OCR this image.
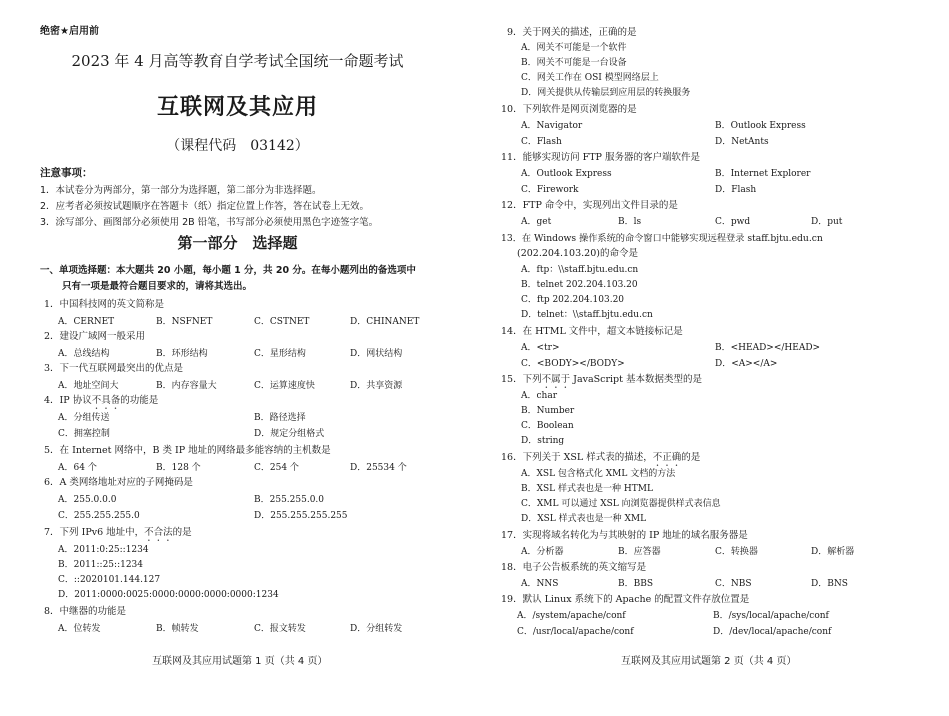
绝密★启用前
2023 年 4 月高等教育自学考试全国统一命题考试
互联网及其应用
（课程代码　03142）
注意事项：
1．本试卷分为两部分，第一部分为选择题，第二部分为非选择题。
2．应考者必须按试题顺序在答题卡（纸）指定位置上作答，答在试卷上无效。
3．涂写部分、画图部分必须使用 2B 铅笔，书写部分必须使用黑色字迹签字笔。
第一部分　选择题
一、单项选择题：本大题共 20 小题，每小题 1 分，共 20 分。在每小题列出的备选项中
只有一项是最符合题目要求的，请将其选出。
1．中国科技网的英文简称是
A．CERNET	B．NSFNET	C．CSTNET	D．CHINANET
2．建设广域网一般采用
A．总线结构	B．环形结构	C．星形结构	D．网状结构
3．下一代互联网最突出的优点是
A．地址空间大	B．内存容量大	C．运算速度快	D．共享资源
4．IP 协议不具备的功能是
A．分组传送	B．路径选择
C．拥塞控制	D．规定分组格式
5．在 Internet 网络中，B 类 IP 地址的网络最多能容纳的主机数是
A．64 个	B．128 个	C．254 个	D．25534 个
6．A 类网络地址对应的子网掩码是
A．255.0.0.0	B．255.255.0.0
C．255.255.255.0	D．255.255.255.255
7．下列 IPv6 地址中，不合法的是
A．2011:0:25::1234
B．2011::25::1234
C．::2020101.144.127
D．2011:0000:0025:0000:0000:0000:0000:1234
8．中继器的功能是
A．位转发	B．帧转发	C．报文转发	D．分组转发
互联网及其应用试题第 1 页（共 4 页）
9．关于网关的描述，正确的是
A．网关不可能是一个软件
B．网关不可能是一台设备
C．网关工作在 OSI 模型网络层上
D．网关提供从传输层到应用层的转换服务
10．下列软件是网页浏览器的是
A．Navigator	B．Outlook Express
C．Flash	D．NetAnts
11．能够实现访问 FTP 服务器的客户端软件是
A．Outlook Express	B．Internet Explorer
C．Firework	D．Flash
12．FTP 命令中，实现列出文件目录的是
A．get	B．ls	C．pwd	D．put
13．在 Windows 操作系统的命令窗口中能够实现远程登录 staff.bjtu.edu.cn
(202.204.103.20)的命令是
A．ftp：\\staff.bjtu.edu.cn
B．telnet 202.204.103.20
C．ftp 202.204.103.20
D．telnet：\\staff.bjtu.edu.cn
14．在 HTML 文件中，超文本链接标记是
A．<tr>	B．<HEAD></HEAD>
C．<BODY></BODY>	D．<A></A>
15．下列不属于 JavaScript 基本数据类型的是
A．char
B．Number
C．Boolean
D．string
16．下列关于 XSL 样式表的描述，不正确的是
A．XSL 包含格式化 XML 文档的方法
B．XSL 样式表也是一种 HTML
C．XML 可以通过 XSL 向浏览器提供样式表信息
D．XSL 样式表也是一种 XML
17．实现将域名转化为与其映射的 IP 地址的域名服务器是
A．分析器	B．应答器	C．转换器	D．解析器
18．电子公告板系统的英文缩写是
A．NNS	B．BBS	C．NBS	D．BNS
19．默认 Linux 系统下的 Apache 的配置文件存放位置是
A．/system/apache/conf	B．/sys/local/apache/conf
C．/usr/local/apache/conf	D．/dev/local/apache/conf
互联网及其应用试题第 2 页（共 4 页）
